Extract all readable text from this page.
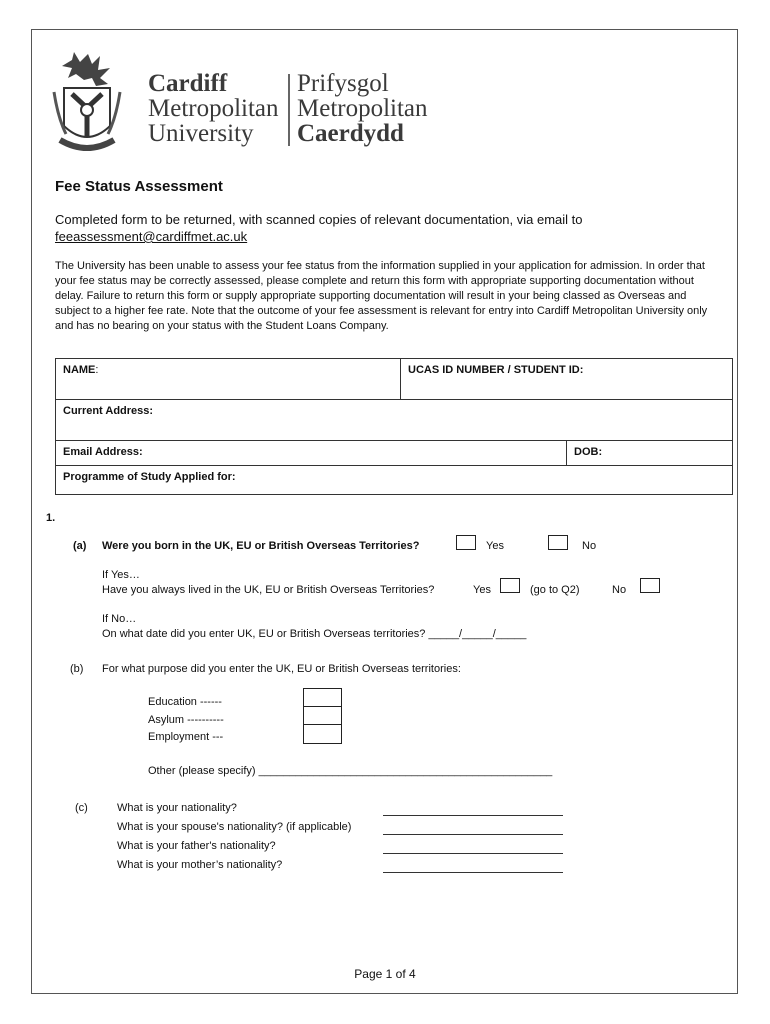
Cardiff
Metropolitan
University
Prifysgol
Metropolitan
Caerdydd
Fee Status Assessment
Completed form to be returned, with scanned copies of relevant documentation, via email to
feeassessment@cardiffmet.ac.uk
The University has been unable to assess your fee status from the information supplied in your application for admission. In order that your fee status may be correctly assessed, please complete and return this form with appropriate supporting documentation without delay. Failure to return this form or supply appropriate supporting documentation will result in your being classed as Overseas and subject to a higher fee rate. Note that the outcome of your fee assessment is relevant for entry into Cardiff Metropolitan University only and has no bearing on your status with the Student Loans Company.
NAME:	UCAS ID NUMBER / STUDENT ID:	
Current Address:		
Email Address:		DOB:
Programme of Study Applied for:		
1.
(a) Were you born in the UK, EU or British Overseas Territories?	Yes	No
If Yes…
Have you always lived in the UK, EU or British Overseas Territories?	Yes	(go to Q2)	No
If No…
On what date did you enter UK, EU or British Overseas territories? _____/_____/_____
(b) For what purpose did you enter the UK, EU or British Overseas territories:
Education ------
Asylum ----------
Employment ---
Other (please specify) ________________________________________________
(c)	What is your nationality?
What is your spouse's nationality? (if applicable)
What is your father's nationality?
What is your mother’s nationality?
Page 1 of 4
